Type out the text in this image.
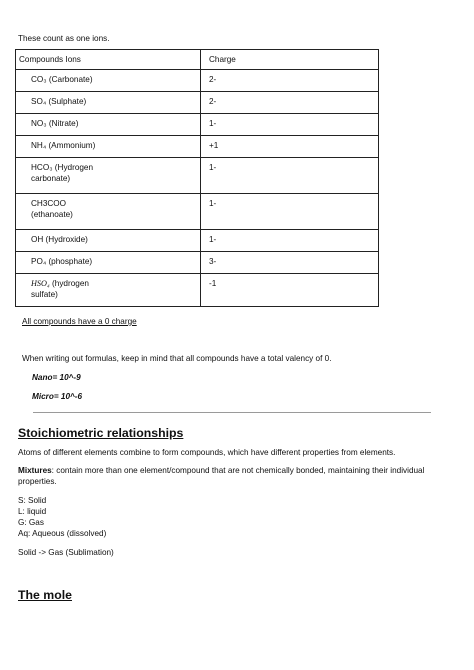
These count as one ions.
Compounds Ions	Charge

CO₃ (Carbonate)	2-

SO₄ (Sulphate)	2-

NO₃ (Nitrate)	1-

NH₄ (Ammonium)	+1

HCO₃ (Hydrogen
carbonate)	1-

CH3COO
(ethanoate)	1-

OH (Hydroxide)	1-

PO₄ (phosphate)	3-

HSO₄ (hydrogen
sulfate)	-1
All compounds have a 0 charge
When writing out formulas, keep in mind that all compounds have a total valency of 0.
Nano= 10^-9
Micro= 10^-6
Stoichiometric relationships
Atoms of different elements combine to form compounds, which have different properties from elements.
Mixtures: contain more than one element/compound that are not chemically bonded, maintaining their individual properties.
S: Solid
L: liquid
G: Gas
Aq: Aqueous (dissolved)
Solid -> Gas (Sublimation)
The mole
